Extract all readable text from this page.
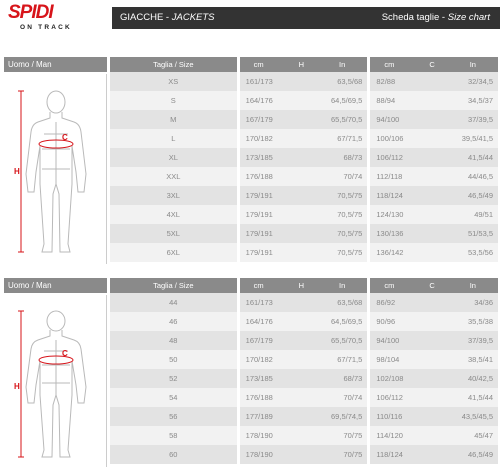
SPIDI
ON TRACK
GIACCHE - JACKETS	Scheda taglie - Size chart
Uomo / Man
H
C
Taglia / Size		cm H In			cm C In	

XS		161/173	63,5/68		82/88	32/34,5
S		164/176	64,5/69,5		88/94	34,5/37
M		167/179	65,5/70,5		94/100	37/39,5
L		170/182	67/71,5		100/106	39,5/41,5
XL		173/185	68/73		106/112	41,5/44
XXL		176/188	70/74		112/118	44/46,5
3XL		179/191	70,5/75		118/124	46,5/49
4XL		179/191	70,5/75		124/130	49/51
5XL		179/191	70,5/75		130/136	51/53,5
6XL		179/191	70,5/75		136/142	53,5/56
Uomo / Man
H
C
Taglia / Size		cm H In			cm C In	

44		161/173	63,5/68		86/92	34/36
46		164/176	64,5/69,5		90/96	35,5/38
48		167/179	65,5/70,5		94/100	37/39,5
50		170/182	67/71,5		98/104	38,5/41
52		173/185	68/73		102/108	40/42,5
54		176/188	70/74		106/112	41,5/44
56		177/189	69,5/74,5		110/116	43,5/45,5
58		178/190	70/75		114/120	45/47
60		178/190	70/75		118/124	46,5/49
